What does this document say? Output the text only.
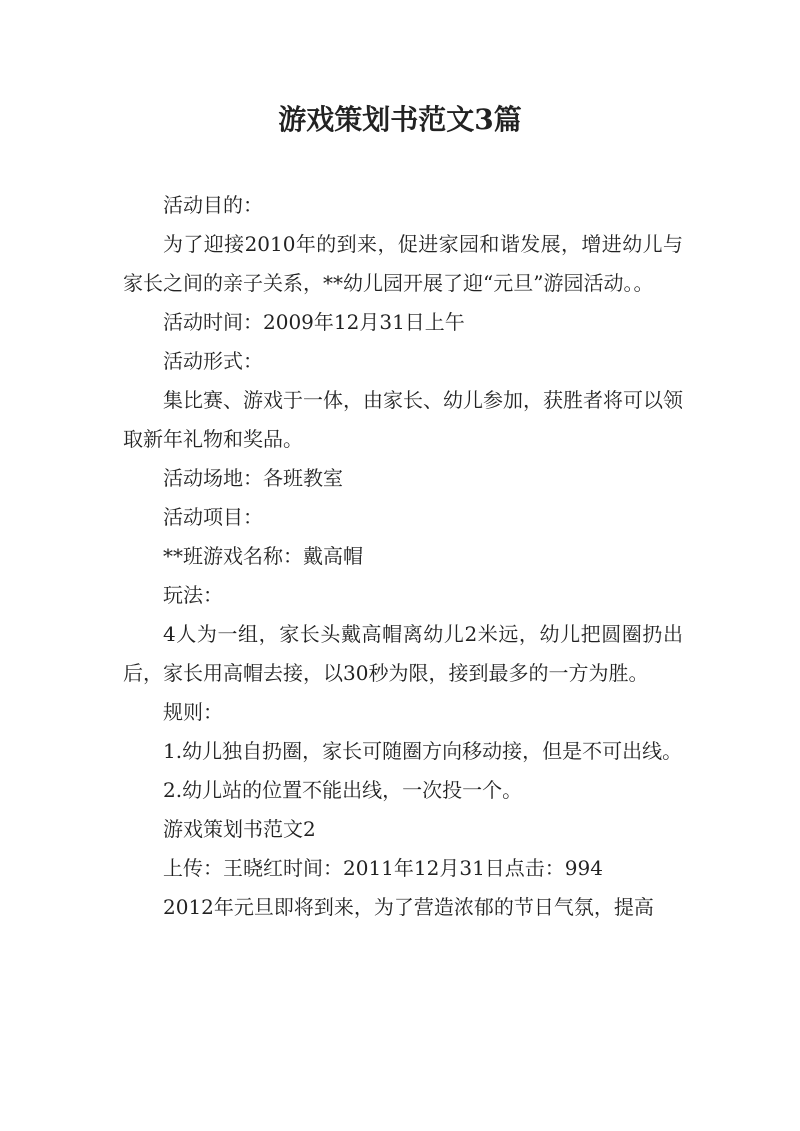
游戏策划书范文3篇

活动目的：

为了迎接2010年的到来，促进家园和谐发展，增进幼儿与家长之间的亲子关系，**幼儿园开展了迎“元旦”游园活动。。

活动时间：2009年12月31日上午

活动形式：

集比赛、游戏于一体，由家长、幼儿参加，获胜者将可以领取新年礼物和奖品。

活动场地：各班教室

活动项目：

**班游戏名称：戴高帽

玩法：

4人为一组，家长头戴高帽离幼儿2米远，幼儿把圆圈扔出后，家长用高帽去接，以30秒为限，接到最多的一方为胜。

规则：

1.幼儿独自扔圈，家长可随圈方向移动接，但是不可出线。

2.幼儿站的位置不能出线，一次投一个。

游戏策划书范文2

上传：王晓红时间：2011年12月31日点击：994

2012年元旦即将到来，为了营造浓郁的节日气氛，提高
